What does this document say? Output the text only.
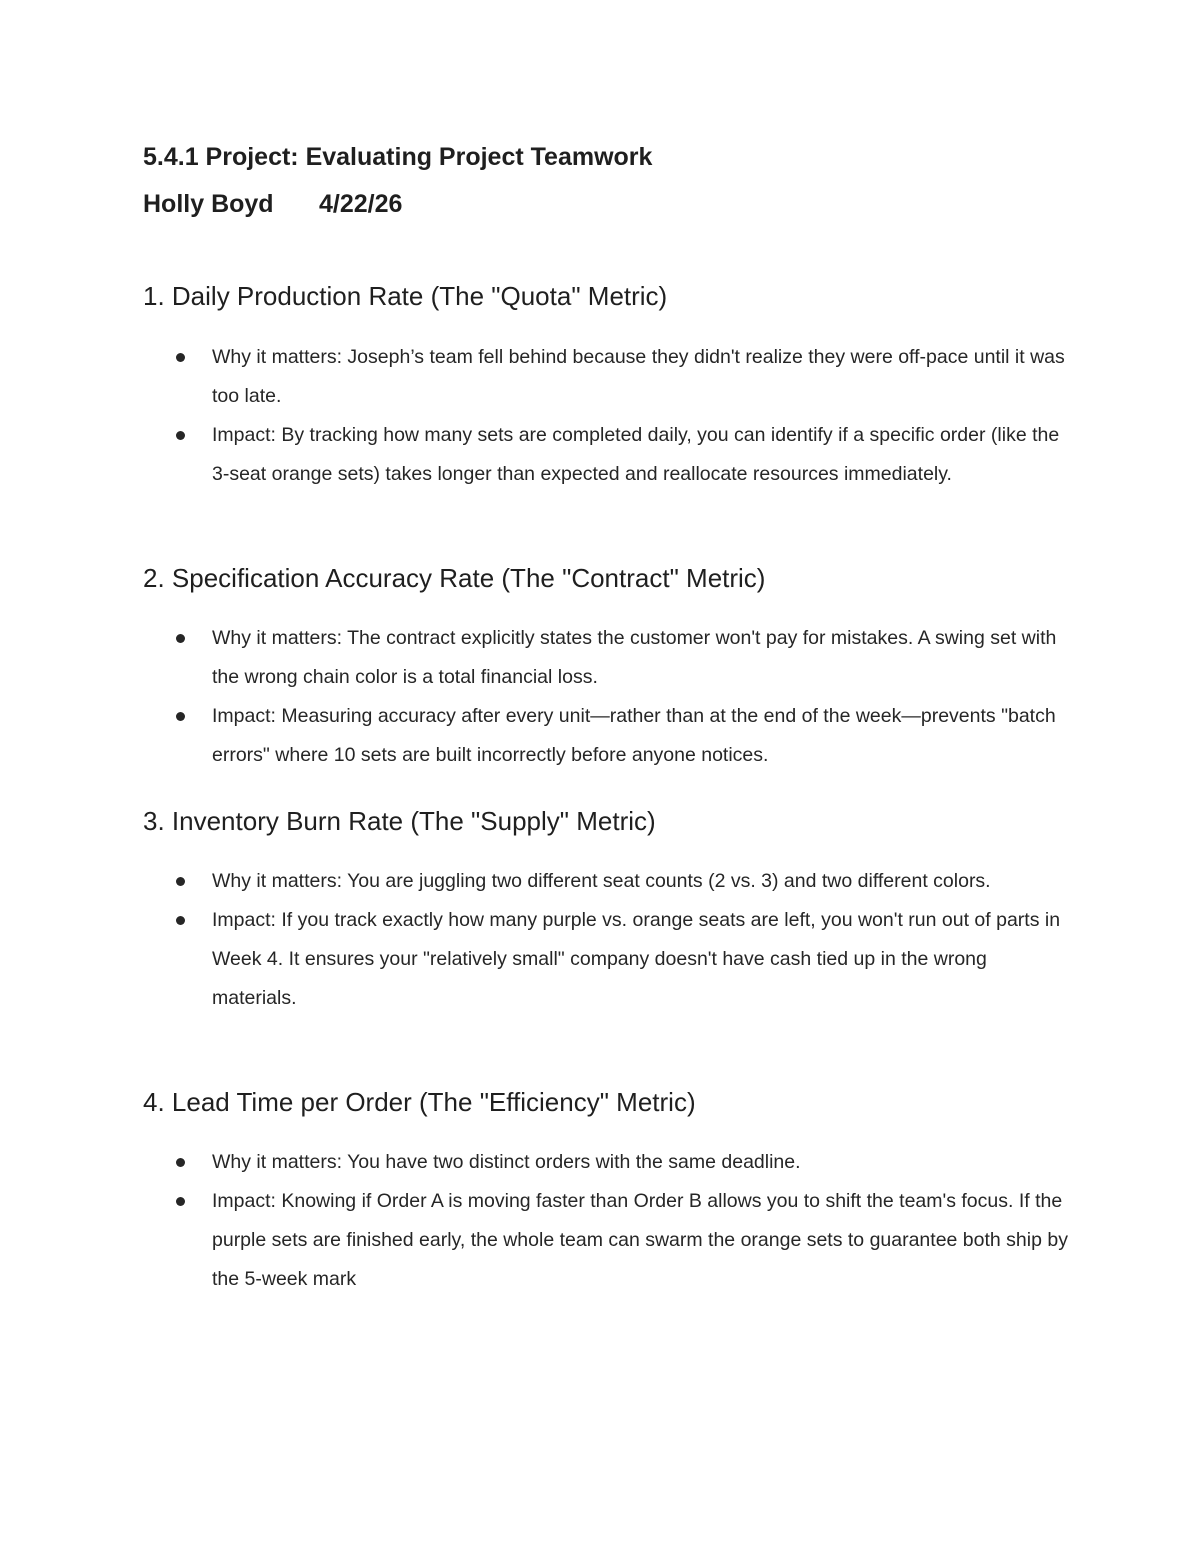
5.4.1 Project: Evaluating Project Teamwork
Holly Boyd 4/22/26
1. Daily Production Rate (The "Quota" Metric)
Why it matters: Joseph’s team fell behind because they didn't realize they were off-pace until it was too late.
Impact: By tracking how many sets are completed daily, you can identify if a specific order (like the 3-seat orange sets) takes longer than expected and reallocate resources immediately.
2. Specification Accuracy Rate (The "Contract" Metric)
Why it matters: The contract explicitly states the customer won't pay for mistakes. A swing set with the wrong chain color is a total financial loss.
Impact: Measuring accuracy after every unit—rather than at the end of the week—prevents "batch errors" where 10 sets are built incorrectly before anyone notices.
3. Inventory Burn Rate (The "Supply" Metric)
Why it matters: You are juggling two different seat counts (2 vs. 3) and two different colors.
Impact: If you track exactly how many purple vs. orange seats are left, you won't run out of parts in Week 4. It ensures your "relatively small" company doesn't have cash tied up in the wrong materials.
4. Lead Time per Order (The "Efficiency" Metric)
Why it matters: You have two distinct orders with the same deadline.
Impact: Knowing if Order A is moving faster than Order B allows you to shift the team's focus. If the purple sets are finished early, the whole team can swarm the orange sets to guarantee both ship by the 5-week mark
